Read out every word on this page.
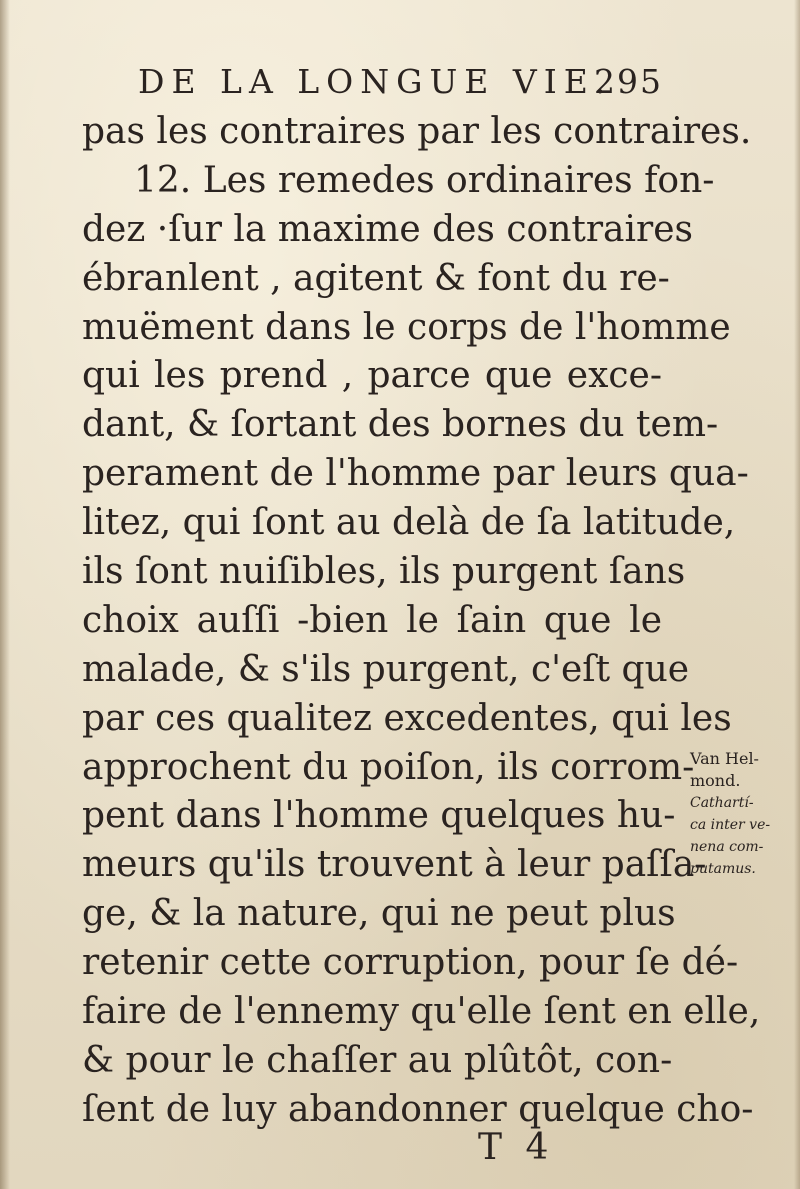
DE LA LONGUE VIE.
295
pas les contraires par les contraires.
12. Les remedes ordinaires fon-
dez ·ſur la maxime des contraires
ébranlent , agitent & font du re-
muëment dans le corps de l'homme
qui les prend , parce que exce-
dant, & ſortant des bornes du tem-
perament de l'homme par leurs qua-
litez, qui ſont au delà de ſa latitude,
ils ſont nuiſibles, ils purgent ſans
choix auſſi -bien le ſain que le
malade, & s'ils purgent, c'eſt que
par ces qualitez excedentes, qui les
approchent du poiſon, ils corrom-
pent dans l'homme quelques hu-
meurs qu'ils trouvent à leur paſſa-
ge, & la nature, qui ne peut plus
retenir cette corruption, pour ſe dé-
faire de l'ennemy qu'elle ſent en elle,
& pour le chaſſer au plûtôt, con-
ſent de luy abandonner quelque cho-
Van Hel-
mond.
Cathartí-
ca inter ve-
nena com-
putamus.
T 4
